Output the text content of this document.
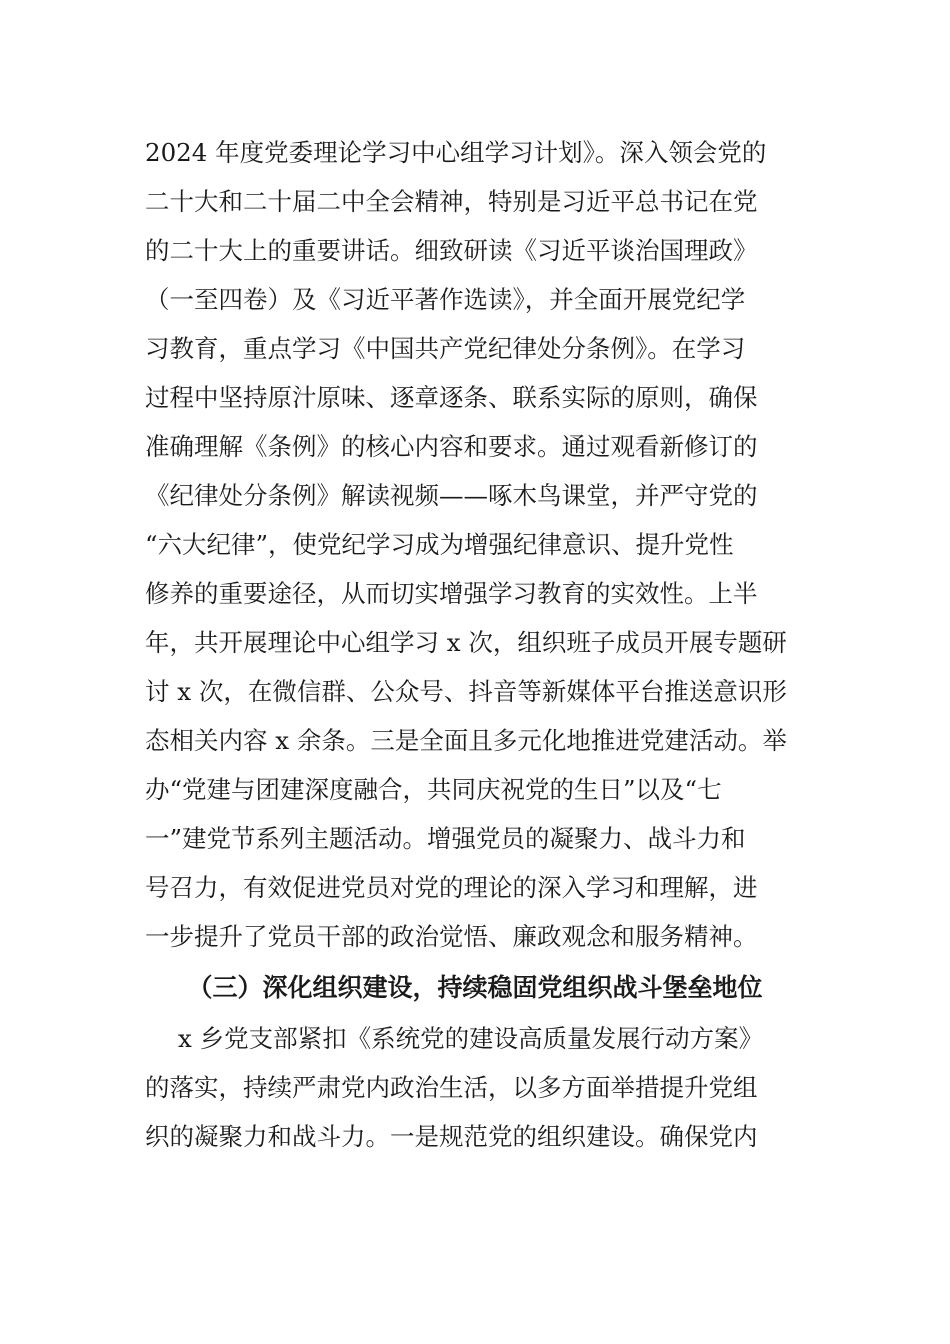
2024 年度党委理论学习中心组学习计划》。深入领会党的
二十大和二十届二中全会精神，特别是习近平总书记在党
的二十大上的重要讲话。细致研读《习近平谈治国理政》
（一至四卷）及《习近平著作选读》，并全面开展党纪学
习教育，重点学习《中国共产党纪律处分条例》。在学习
过程中坚持原汁原味、逐章逐条、联系实际的原则，确保
准确理解《条例》的核心内容和要求。通过观看新修订的
《纪律处分条例》解读视频——啄木鸟课堂，并严守党的
“六大纪律”，使党纪学习成为增强纪律意识、提升党性
修养的重要途径，从而切实增强学习教育的实效性。上半
年，共开展理论中心组学习 x 次，组织班子成员开展专题研
讨 x 次，在微信群、公众号、抖音等新媒体平台推送意识形
态相关内容 x 余条。三是全面且多元化地推进党建活动。举
办“党建与团建深度融合，共同庆祝党的生日”以及“七
一”建党节系列主题活动。增强党员的凝聚力、战斗力和
号召力，有效促进党员对党的理论的深入学习和理解，进
一步提升了党员干部的政治觉悟、廉政观念和服务精神。
（三）深化组织建设，持续稳固党组织战斗堡垒地位
x 乡党支部紧扣《系统党的建设高质量发展行动方案》
的落实，持续严肃党内政治生活，以多方面举措提升党组
织的凝聚力和战斗力。一是规范党的组织建设。确保党内
